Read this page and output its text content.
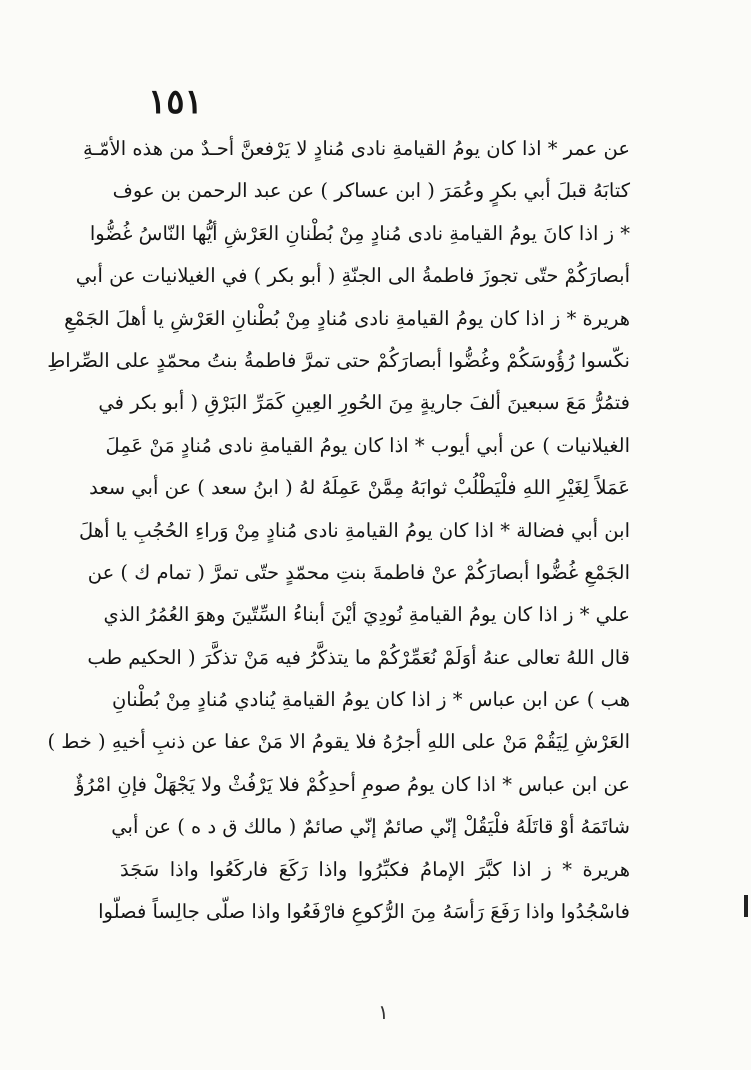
١٥١
عن عمر * اذا كان يومُ القيامةِ نادى مُنادٍ لا يَرْفعنَّ أحـدٌ من هذه الأمّـةِ
كتابَهُ قبلَ أبي بكرٍ وعُمَرَ ( ابن عساكر ) عن عبد الرحمن بن عوف
* ز اذا كانَ يومُ القيامةِ نادى مُنادٍ مِنْ بُطْنانِ العَرْشِ أيُّها النّاسُ غُضُّوا
أبصارَكُمْ حتّى تجوزَ فاطمةُ الى الجنّةِ ( أبو بكر ) في الغيلانيات عن أبي
هريرة * ز اذا كان يومُ القيامةِ نادى مُنادٍ مِنْ بُطْنانِ العَرْشِ يا أهلَ الجَمْعِ
نكّسوا رُؤُوسَكُمْ وغُضُّوا أبصارَكُمْ حتى تمرَّ فاطمةُ بنتُ محمّدٍ على الصِّراطِ
فتمُرُّ مَعَ سبعينَ ألفَ جاريةٍ مِنَ الحُورِ العِينِ كَمَرِّ البَرْقِ ( أبو بكر في
الغيلانيات ) عن أبي أيوب * اذا كان يومُ القيامةِ نادى مُنادٍ مَنْ عَمِلَ
عَمَلاً لِغَيْرِ اللهِ فلْيَطْلُبْ ثوابَهُ مِمَّنْ عَمِلَهُ لهُ ( ابنُ سعد ) عن أبي سعد
ابن أبي فضالة * اذا كان يومُ القيامةِ نادى مُنادٍ مِنْ وَراءِ الحُجُبِ يا أهلَ
الجَمْعِ غُضُّوا أبصارَكُمْ عنْ فاطمةَ بنتِ محمّدٍ حتّى تمرَّ ( تمام ك ) عن
علي * ز اذا كان يومُ القيامةِ نُودِيَ أيْنَ أبناءُ السِّتّينَ وهوَ العُمُرُ الذي
قال اللهُ تعالى عنهُ أوَلَمْ نُعَمِّرْكُمْ ما يتذكَّرُ فيه مَنْ تذكَّرَ ( الحكيم طب
هب ) عن ابن عباس * ز اذا كان يومُ القيامةِ يُنادي مُنادٍ مِنْ بُطْنانِ
العَرْشِ لِيَقُمْ مَنْ على اللهِ أجرُهُ فلا يقومُ الا مَنْ عفا عن ذنبِ أخيهِ ( خط )
عن ابن عباس * اذا كان يومُ صومِ أحدِكُمْ فلا يَرْفُثْ ولا يَجْهَلْ فإنِ امْرُؤٌ
شاتَمَهُ أوْ قاتَلَهُ فلْيَقُلْ إنّي صائمٌ إنّي صائمٌ ( مالك ق د ه ) عن أبي
هريرة * ز اذا كبَّرَ الإمامُ فكبِّرُوا واذا رَكَعَ فاركَعُوا واذا سَجَدَ
فاسْجُدُوا واذا رَفَعَ رَأسَهُ مِنَ الرُّكوعِ فارْفَعُوا واذا صلّى جالِساً فصلّوا
١
